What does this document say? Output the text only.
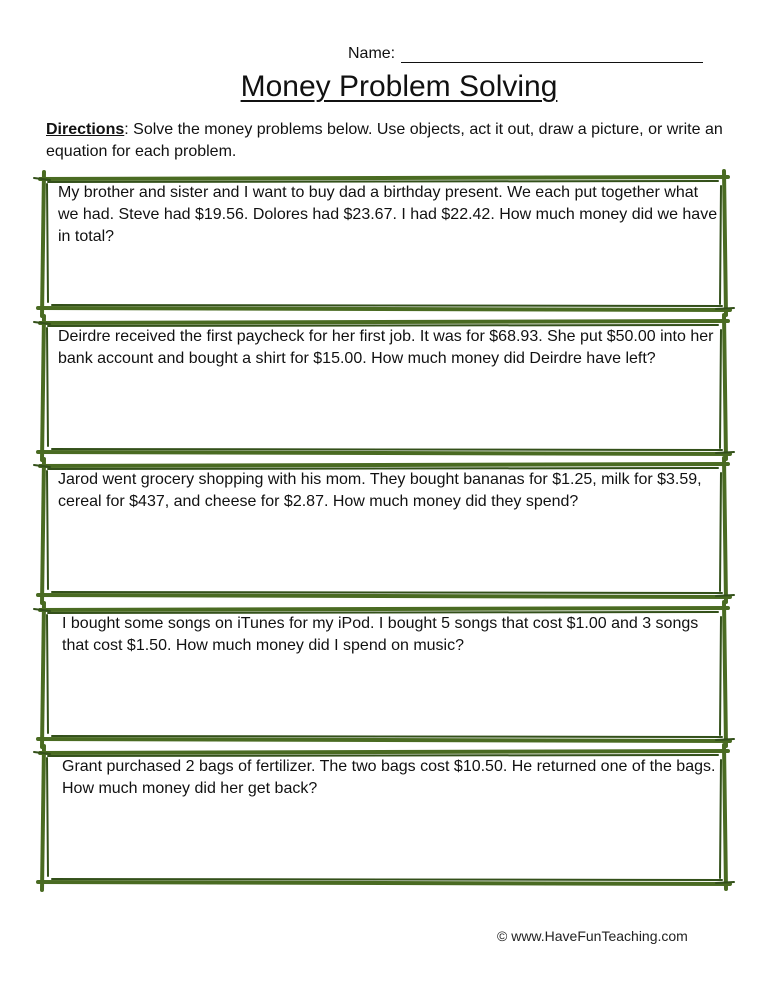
Name:
Money Problem Solving
Directions: Solve the money problems below. Use objects, act it out, draw a picture, or write an equation for each problem.
My brother and sister and I want to buy dad a birthday present. We each put together what we had. Steve had $19.56. Dolores had $23.67. I had $22.42. How much money did we have in total?
Deirdre received the first paycheck for her first job. It was for $68.93. She put $50.00 into her bank account and bought a shirt for $15.00. How much money did Deirdre have left?
Jarod went grocery shopping with his mom. They bought bananas for $1.25, milk for $3.59, cereal for $437, and cheese for $2.87. How much money did they spend?
I bought some songs on iTunes for my iPod. I bought 5 songs that cost $1.00 and 3 songs that cost $1.50. How much money did I spend on music?
Grant purchased 2 bags of fertilizer. The two bags cost $10.50. He returned one of the bags. How much money did her get back?
© www.HaveFunTeaching.com
